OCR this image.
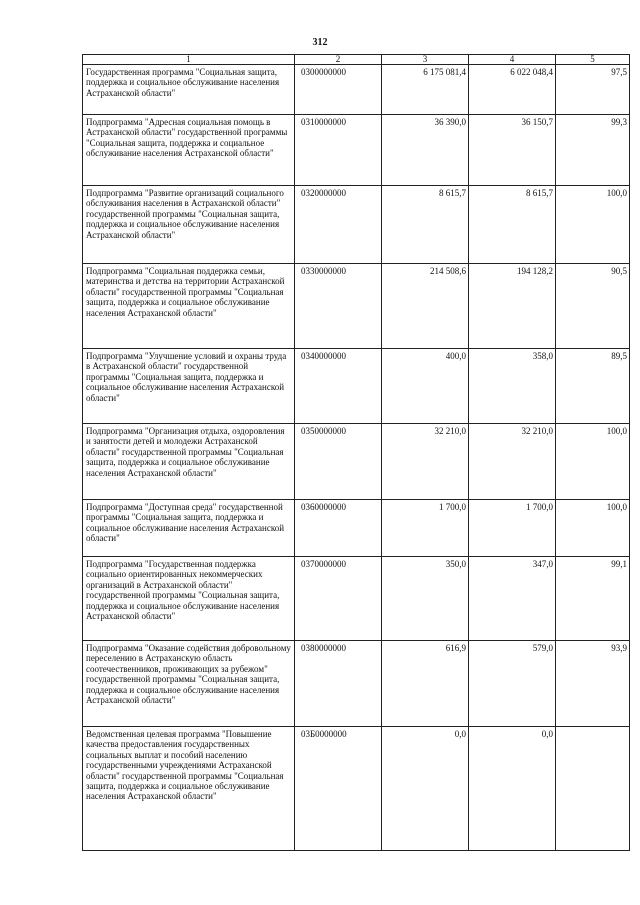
312
1	2	3	4	5
Государственная программа "Социальная защита, поддержка и социальное обслуживание населения Астраханской области"	0300000000	6 175 081,4	6 022 048,4	97,5
Подпрограмма "Адресная социальная помощь в Астраханской области" государственной программы "Социальная защита, поддержка и социальное обслуживание населения Астраханской области"	0310000000	36 390,0	36 150,7	99,3
Подпрограмма "Развитие организаций социального обслуживания населения в Астраханской области" государственной программы "Социальная защита, поддержка и социальное обслуживание населения Астраханской области"	0320000000	8 615,7	8 615,7	100,0
Подпрограмма "Социальная поддержка семьи, материнства и детства на территории Астраханской области" государственной программы "Социальная защита, поддержка и социальное обслуживание населения Астраханской области"	0330000000	214 508,6	194 128,2	90,5
Подпрограмма "Улучшение условий и охраны труда в Астраханской области" государственной программы "Социальная защита, поддержка и социальное обслуживание населения Астраханской области"	0340000000	400,0	358,0	89,5
Подпрограмма "Организация отдыха, оздоровления и занятости детей и молодежи Астраханской области" государственной программы "Социальная защита, поддержка и социальное обслуживание населения Астраханской области"	0350000000	32 210,0	32 210,0	100,0
Подпрограмма "Доступная среда" государственной программы "Социальная защита, поддержка и социальное обслуживание населения Астраханской области"	0360000000	1 700,0	1 700,0	100,0
Подпрограмма "Государственная поддержка социально ориентированных некоммерческих организаций в Астраханской области" государственной программы "Социальная защита, поддержка и социальное обслуживание населения Астраханской области"	0370000000	350,0	347,0	99,1
Подпрограмма "Оказание содействия добровольному переселению в Астраханскую область соотечественников, проживающих за рубежом" государственной программы "Социальная защита, поддержка и социальное обслуживание населения Астраханской области"	0380000000	616,9	579,0	93,9
Ведомственная целевая программа "Повышение качества предоставления государственных социальных выплат и пособий населению государственными учреждениями Астраханской области" государственной программы "Социальная защита, поддержка и социальное обслуживание населения Астраханской области"	03Б0000000	0,0	0,0	
